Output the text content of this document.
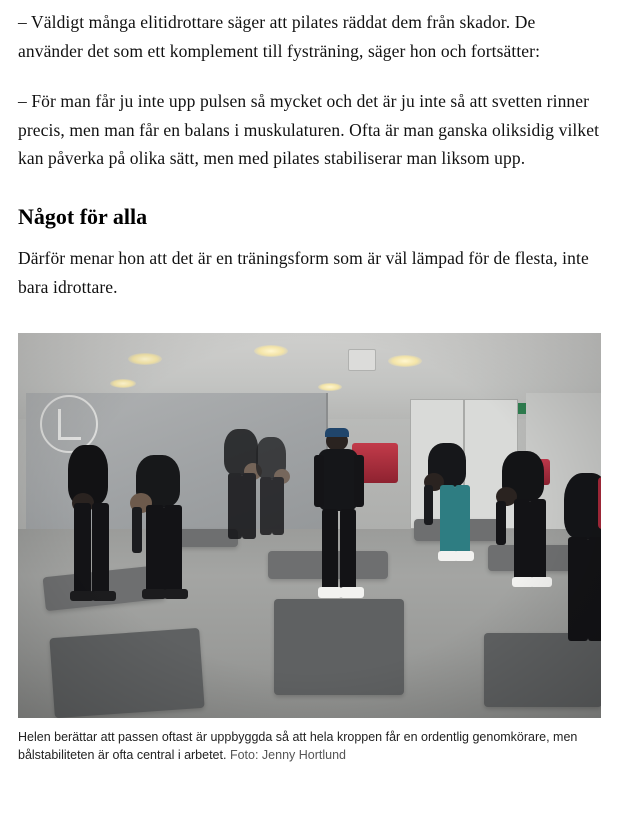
– Väldigt många elitidrottare säger att pilates räddat dem från skador. De använder det som ett komplement till fysträning, säger hon och fortsätter:

– För man får ju inte upp pulsen så mycket och det är ju inte så att svetten rinner precis, men man får en balans i muskulaturen. Ofta är man ganska oliksidig vilket kan påverka på olika sätt, men med pilates stabiliserar man liksom upp.

Något för alla

Därför menar hon att det är en träningsform som är väl lämpad för de flesta, inte bara idrottare.

Helen berättar att passen oftast är uppbyggda så att hela kroppen får en ordentlig genomkörare, men bålstabiliteten är ofta central i arbetet. Foto: Jenny Hortlund
